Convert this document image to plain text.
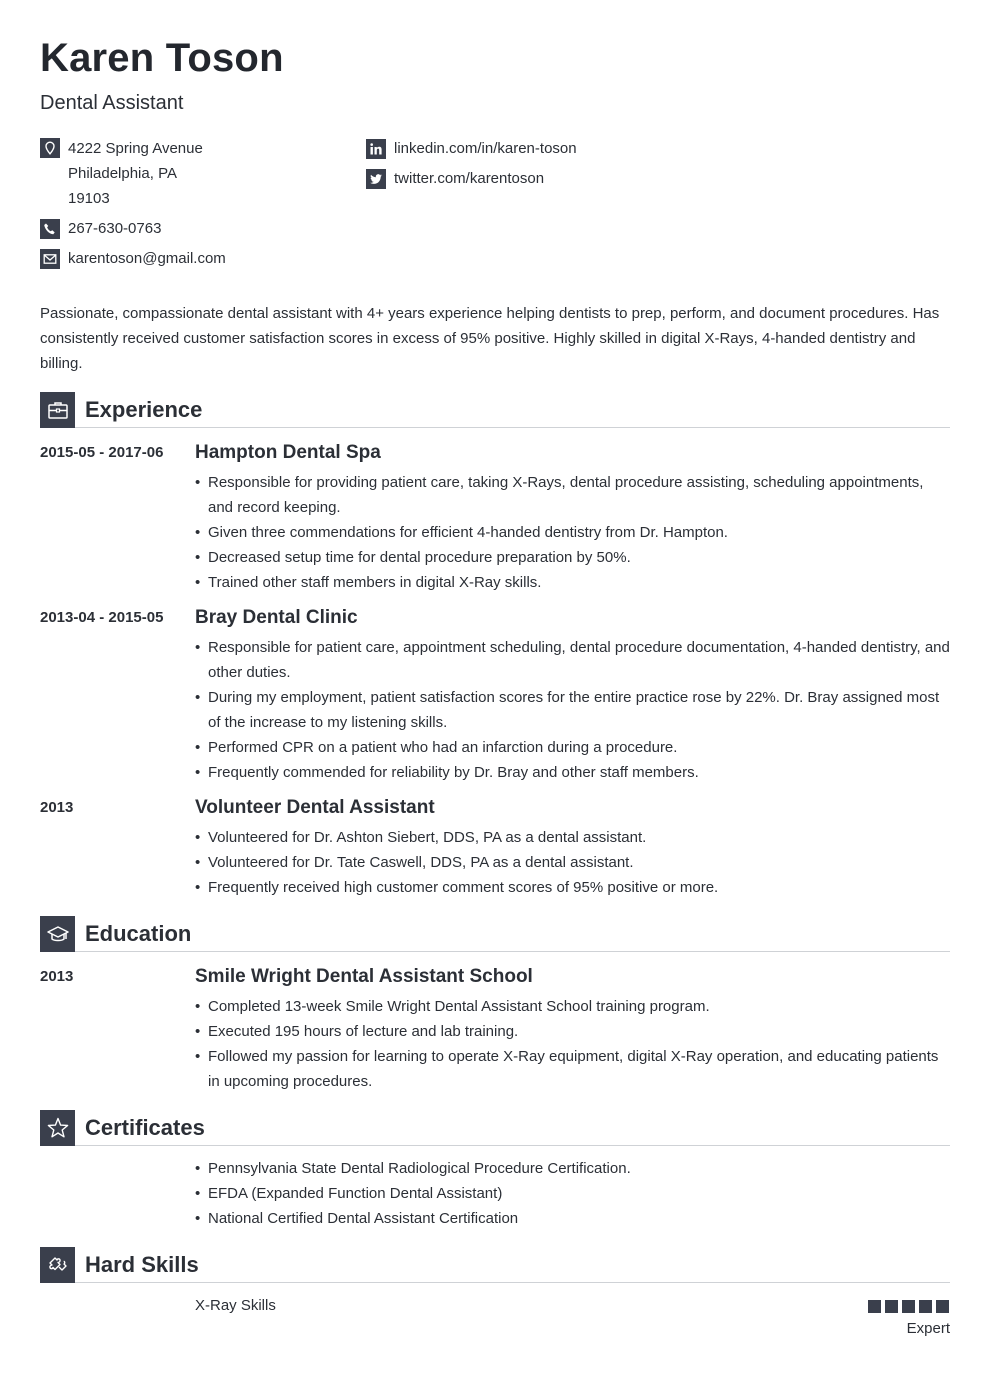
Karen Toson
Dental Assistant
4222 Spring Avenue
Philadelphia, PA
19103
267-630-0763
karentoson@gmail.com
linkedin.com/in/karen-toson
twitter.com/karentoson
Passionate, compassionate dental assistant with 4+ years experience helping dentists to prep, perform, and document procedures. Has consistently received customer satisfaction scores in excess of 95% positive. Highly skilled in digital X-Rays, 4-handed dentistry and billing.
Experience
2015-05 - 2017-06 Hampton Dental Spa
• Responsible for providing patient care, taking X-Rays, dental procedure assisting, scheduling appointments, and record keeping.
• Given three commendations for efficient 4-handed dentistry from Dr. Hampton.
• Decreased setup time for dental procedure preparation by 50%.
• Trained other staff members in digital X-Ray skills.
2013-04 - 2015-05 Bray Dental Clinic
• Responsible for patient care, appointment scheduling, dental procedure documentation, 4-handed dentistry, and other duties.
• During my employment, patient satisfaction scores for the entire practice rose by 22%. Dr. Bray assigned most of the increase to my listening skills.
• Performed CPR on a patient who had an infarction during a procedure.
• Frequently commended for reliability by Dr. Bray and other staff members.
2013	Volunteer Dental Assistant
• Volunteered for Dr. Ashton Siebert, DDS, PA as a dental assistant.
• Volunteered for Dr. Tate Caswell, DDS, PA as a dental assistant.
• Frequently received high customer comment scores of 95% positive or more.
Education
2013	Smile Wright Dental Assistant School
• Completed 13-week Smile Wright Dental Assistant School training program.
• Executed 195 hours of lecture and lab training.
• Followed my passion for learning to operate X-Ray equipment, digital X-Ray operation, and educating patients in upcoming procedures.
Certificates
• Pennsylvania State Dental Radiological Procedure Certification.
• EFDA (Expanded Function Dental Assistant)
• National Certified Dental Assistant Certification
Hard Skills
X-Ray Skills
Expert
